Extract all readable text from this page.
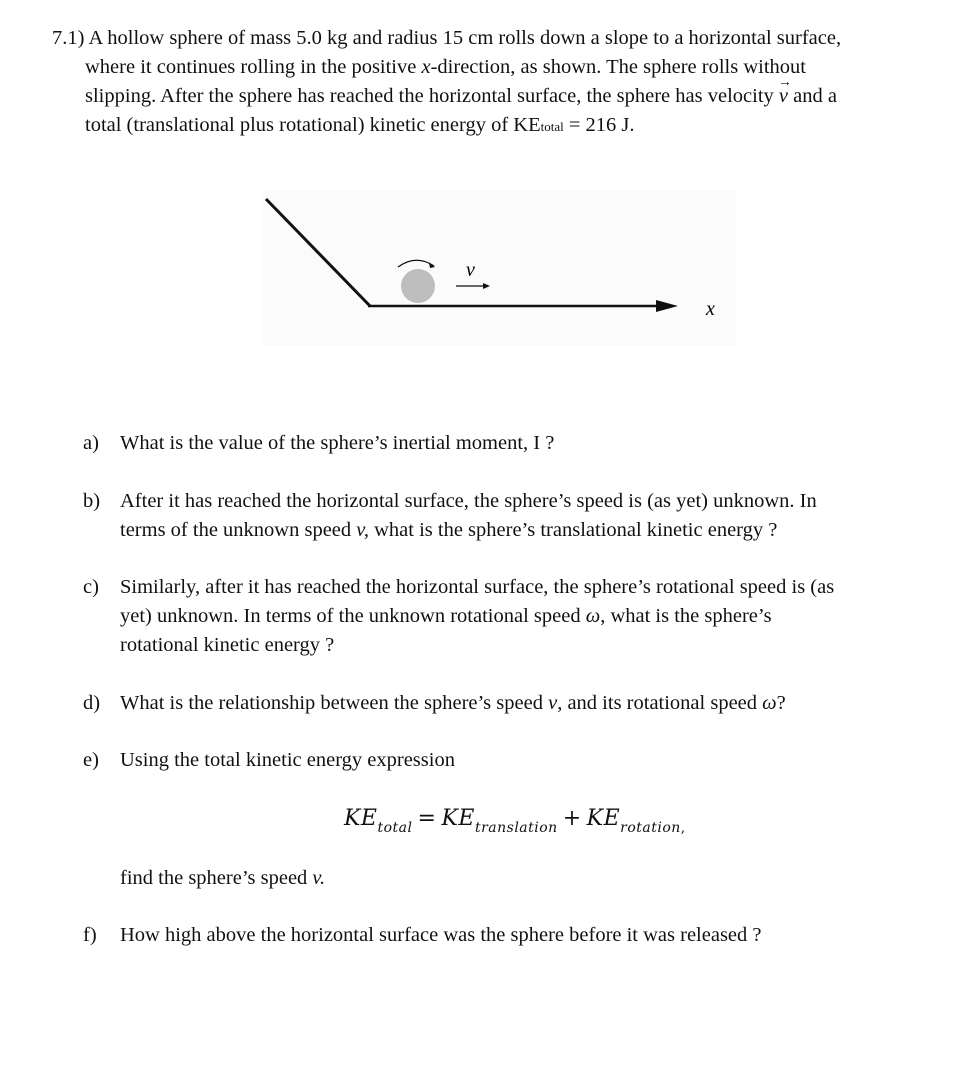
7.1) A hollow sphere of mass 5.0 kg and radius 15 cm rolls down a slope to a horizontal surface,
where it continues rolling in the positive x-direction, as shown. The sphere rolls without
slipping. After the sphere has reached the horizontal surface, the sphere has velocity → v and a
total (translational plus rotational) kinetic energy of KEtotal = 216 J.
v
x
a)	What is the value of the sphere’s inertial moment, I ?
b) After it has reached the horizontal surface, the sphere’s speed is (as yet) unknown. In
terms of the unknown speed v, what is the sphere’s translational kinetic energy ?
c)	Similarly, after it has reached the horizontal surface, the sphere’s rotational speed is (as
yet) unknown. In terms of the unknown rotational speed ω, what is the sphere’s
rotational kinetic energy ?
d) What is the relationship between the sphere’s speed v, and its rotational speed ω?
e)	Using the total kinetic energy expression
$KE_{total} = KE_{translation} + KE_{rotation,}$
find the sphere’s speed v.
f)	How high above the horizontal surface was the sphere before it was released ?
